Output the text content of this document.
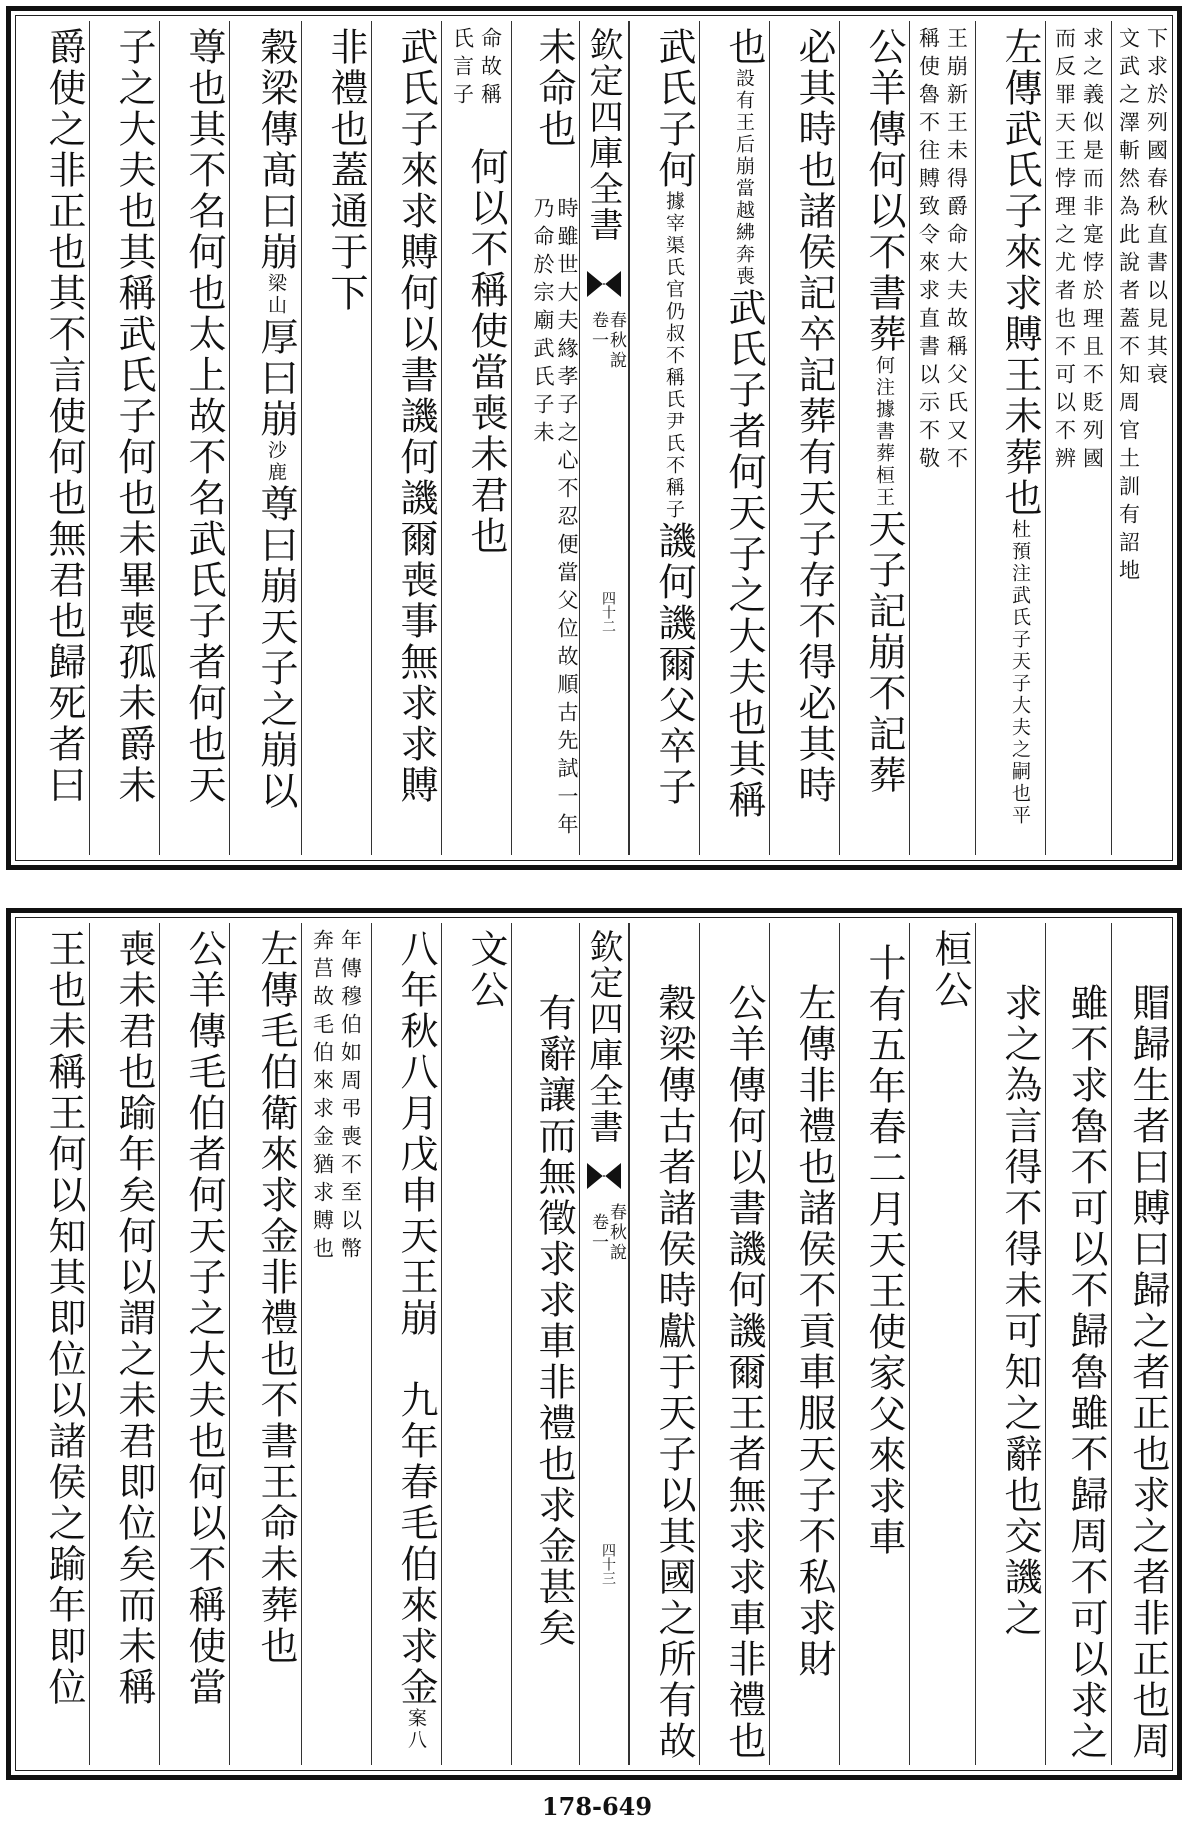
爵使之非正也其不言使何也無君也歸死者曰 子之大夫也其稱武氏子何也未畢喪孤未爵未 尊也其不名何也太上故不名武氏子者何也天 穀梁傳髙曰崩梁山厚曰崩沙鹿尊曰崩天子之崩以
非禮也蓋通于下 武氏子來求賻何以書譏何譏爾喪事無求求賻 命故稱
氏言子
何以不稱使當喪未君也
未命也
時雖世大夫緣孝子之心不忍便當父位故順古先試一年乃命於宗廟武氏子未
欽定四庫全書
春秋說
卷一
四十二
武氏子何據宰渠氏官仍叔不稱氏尹氏不稱子譏何譏爾父卒子
也設有王后崩當越紼奔喪武氏子者何天子之大夫也其稱 必其時也諸侯記卒記葬有天子存不得必其時 公羊傳何以不書葬何注據書葬桓王天子記崩不記葬
王崩新王未得爵命大夫故稱父氏又不
稱使魯不往賻致令來求直書以示不敬	左傳武氏子來求賻王未葬也杜預注武氏子天子大夫之嗣也平
求之義似是而非寔悖於理且不貶列國
而反罪天王悖理之尤者也不可以不辨	下求於列國春秋直書以見其衰
文武之澤斬然為此說者蓋不知周官土訓有詔地
王也未稱王何以知其即位以諸侯之踰年即位 喪未君也踰年矣何以謂之未君即位矣而未稱 公羊傳毛伯者何天子之大夫也何以不稱使當 左傳毛伯衛來求金非禮也不書王命未葬也 年傳穆伯如周弔喪不至以幣
奔莒故毛伯來求金猶求賻也	八年秋八月戊申天王崩　九年春毛伯來求金案八
文公
有辭讓而無徵求求車非禮也求金甚矣 欽定四庫全書
春秋說
卷一
四十三 穀梁傳古者諸侯時獻于天子以其國之所有故 公羊傳何以書譏何譏爾王者無求求車非禮也 左傳非禮也諸侯不貢車服天子不私求財 十有五年春二月天王使家父來求車 桓公
求之為言得不得未可知之辭也交譏之 雖不求魯不可以不歸魯雖不歸周不可以求之 賵歸生者曰賻曰歸之者正也求之者非正也周
178-649
